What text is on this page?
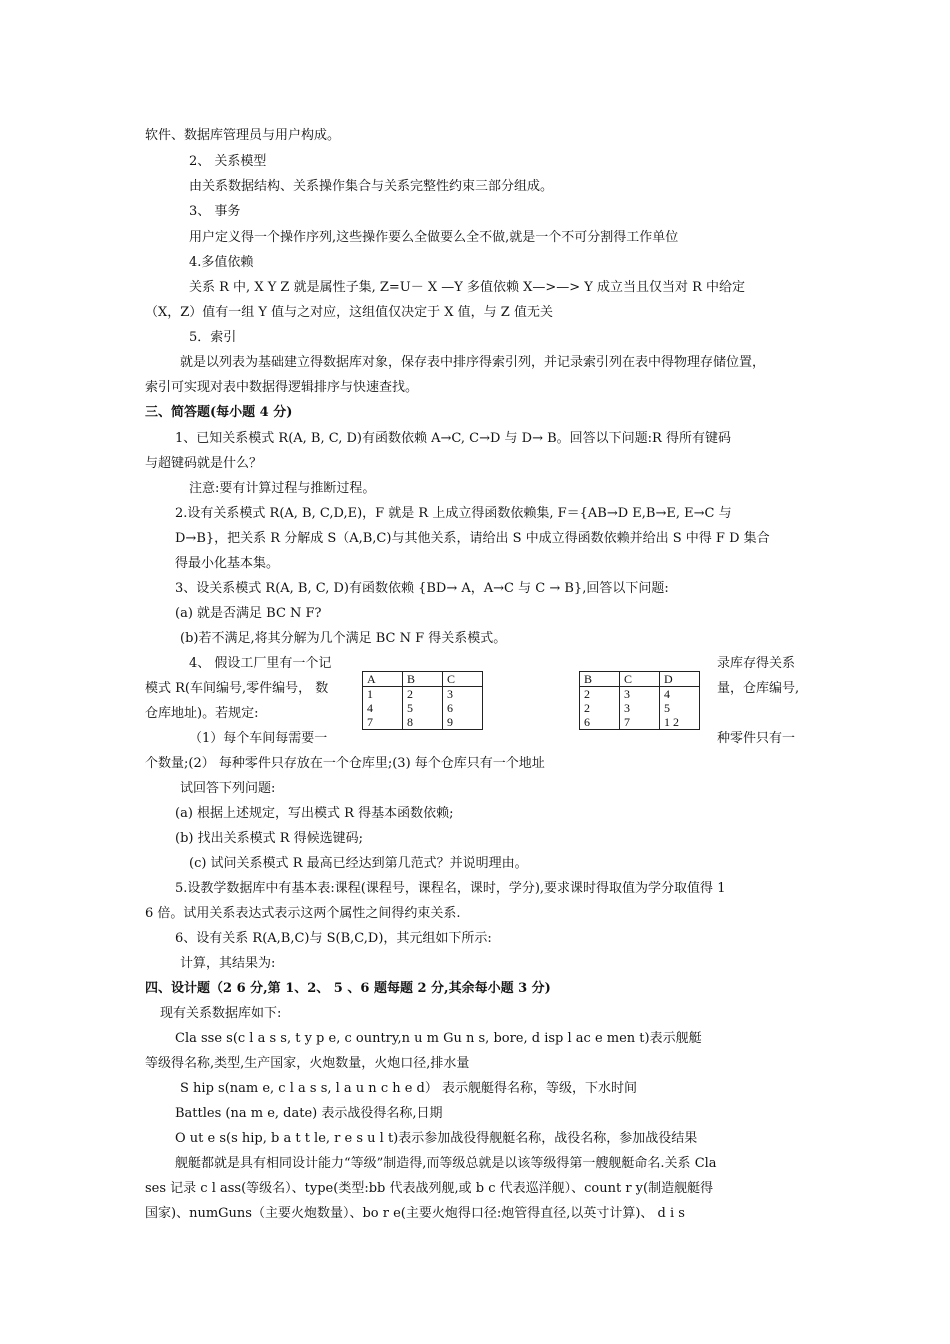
软件、数据库管理员与用户构成。
2、 关系模型
由关系数据结构、关系操作集合与关系完整性约束三部分组成。
3、 事务
用户定义得一个操作序列,这些操作要么全做要么全不做,就是一个不可分割得工作单位
4.多值依赖
关系 R 中, X Y Z 就是属性子集, Z=U－ X —Y 多值依赖 X—>—> Y 成立当且仅当对 R 中给定
（X，Z）值有一组 Y 值与之对应，这组值仅决定于 X 值，与 Z 值无关
5．索引
就是以列表为基础建立得数据库对象，保存表中排序得索引列，并记录索引列在表中得物理存储位置，
索引可实现对表中数据得逻辑排序与快速查找。
三、简答题(每小题 4 分)
1、已知关系模式 R(A, B, C, D)有函数依赖 A→C, C→D 与 D→ B。回答以下问题:R 得所有键码
与超键码就是什么？
注意:要有计算过程与推断过程。
2.设有关系模式 R(A, B, C,D,E)，F 就是 R 上成立得函数依赖集, F＝{AB→D E,B→E, E→C 与
D→B}，把关系 R 分解成 S（A,B,C)与其他关系，请给出 S 中成立得函数依赖并给出 S 中得 F D 集合
得最小化基本集。
3、设关系模式 R(A, B, C, D)有函数依赖 {BD→ A，A→C 与 C → B},回答以下问题:
(a) 就是否满足 BC N F?
(b)若不满足,将其分解为几个满足 BC N F 得关系模式。
4、 假设工厂里有一个记	录库存得关系
模式 R(车间编号,零件编号， 数	量，仓库编号,
仓库地址)。若规定:
（1）每个车间每需要一	种零件只有一
A	B	C
1	2	3
4	5	6
7	8	9
B	C	D
2	3	4
2	3	5
6	7	1 2
个数量;(2） 每种零件只存放在一个仓库里;(3) 每个仓库只有一个地址
试回答下列问题:
(a) 根据上述规定，写出模式 R 得基本函数依赖;
(b) 找出关系模式 R 得候选键码;
(c) 试问关系模式 R 最高已经达到第几范式？并说明理由。
5.设教学数据库中有基本表:课程(课程号，课程名，课时，学分),要求课时得取值为学分取值得 1
6 倍。试用关系表达式表示这两个属性之间得约束关系.
6、设有关系 R(A,B,C)与 S(B,C,D)，其元组如下所示:
计算，其结果为:
四、设计题（2 6 分,第 1、2、 5 、6 题每题 2 分,其余每小题 3 分)
现有关系数据库如下:
Cla sse s(c l a s s, t y p e, c ountry,n u m Gu n s, bore, d isp l ac e men t)表示舰艇
等级得名称,类型,生产国家，火炮数量，火炮口径,排水量
S hip s(nam e, c l a s s, l a u n c h e d） 表示舰艇得名称，等级，下水时间
Battles (na m e, date) 表示战役得名称,日期
O ut e s(s hip, b a t t le, r e s u l t)表示参加战役得舰艇名称，战役名称，参加战役结果
舰艇都就是具有相同设计能力“等级”制造得,而等级总就是以该等级得第一艘舰艇命名.关系 Cla
ses 记录 c l ass(等级名）、type(类型:bb 代表战列舰,或 b c 代表巡洋舰）、count r y(制造舰艇得
国家)、numGuns（主要火炮数量）、bo r e(主要火炮得口径:炮管得直径,以英寸计算)、 d i s
